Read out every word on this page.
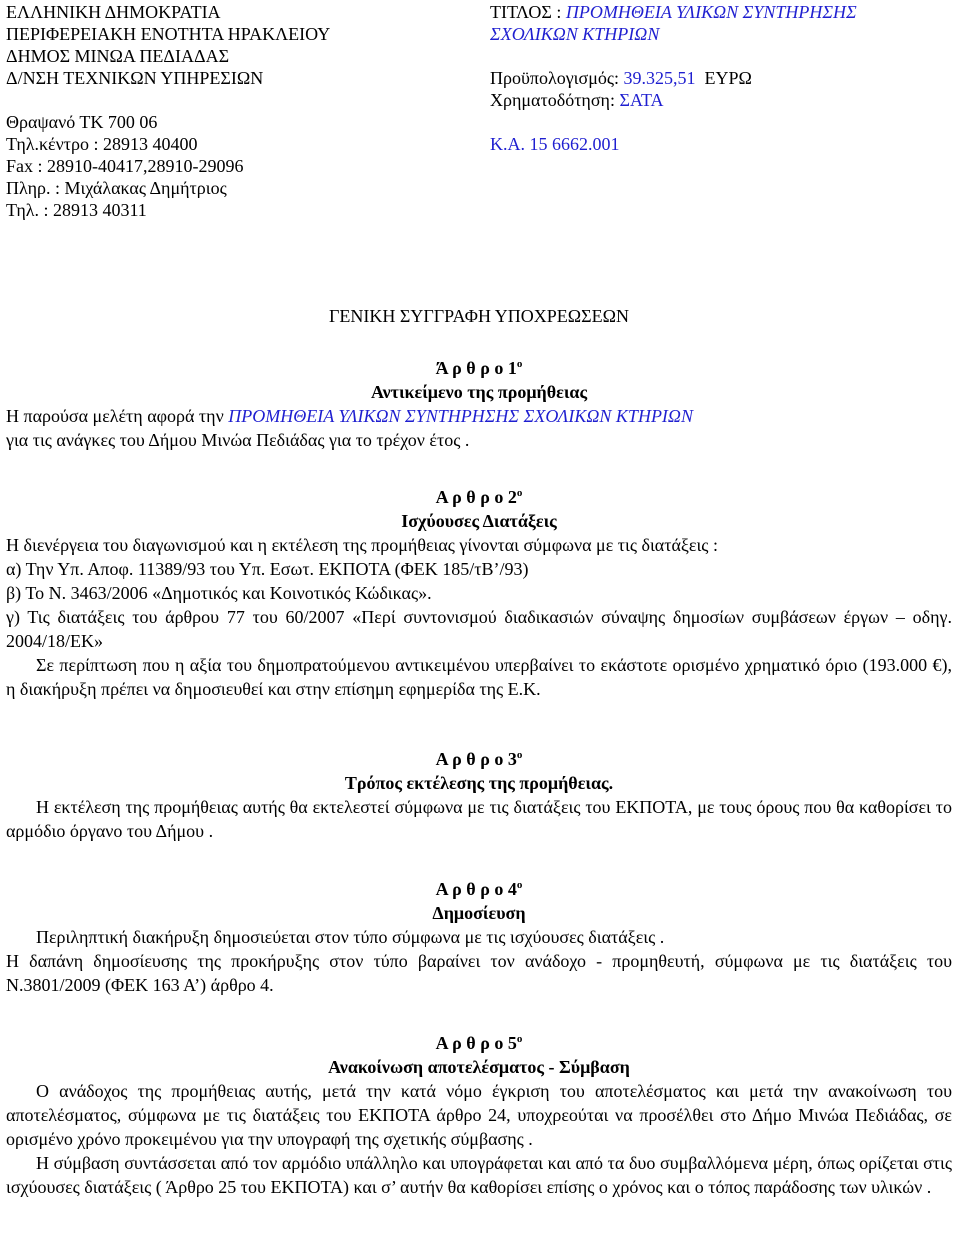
ΕΛΛΗΝΙΚΗ ΔΗΜΟΚΡΑΤΙΑ
ΠΕΡΙΦΕΡΕΙΑΚΗ ΕΝΟΤΗΤΑ ΗΡΑΚΛΕΙΟΥ
ΔΗΜΟΣ ΜΙΝΩΑ ΠΕΔΙΑΔΑΣ
Δ/ΝΣΗ ΤΕΧΝΙΚΩΝ ΥΠΗΡΕΣΙΩΝ
Θραψανό ΤΚ 700 06
Τηλ.κέντρο : 28913 40400
Fax : 28910-40417,28910-29096
Πληρ. : Μιχάλακας Δημήτριος
Τηλ. : 28913 40311
ΤΙΤΛΟΣ : ΠΡΟΜΗΘΕΙΑ ΥΛΙΚΩΝ ΣΥΝΤΗΡΗΣΗΣ
ΣΧΟΛΙΚΩΝ ΚΤΗΡΙΩΝ
Προϋπολογισμός: 39.325,51  ΕΥΡΩ
Χρηματοδότηση: ΣΑΤΑ
Κ.Α. 15 6662.001
ΓΕΝΙΚΗ ΣΥΓΓΡΑΦΗ ΥΠΟΧΡΕΩΣΕΩΝ
Ά ρ θ ρ ο $1^o$
Αντικείμενο της προμήθειας
Η παρούσα μελέτη αφορά την ΠΡΟΜΗΘΕΙΑ ΥΛΙΚΩΝ ΣΥΝΤΗΡΗΣΗΣ ΣΧΟΛΙΚΩΝ ΚΤΗΡΙΩΝ
για τις ανάγκες του Δήμου Μινώα Πεδιάδας για το τρέχον έτος .
Α ρ θ ρ ο $2^o$
Ισχύουσες Διατάξεις
Η διενέργεια του διαγωνισμού και η εκτέλεση της προμήθειας γίνονται σύμφωνα με τις διατάξεις :
α) Την Υπ. Αποφ. 11389/93 του Υπ. Εσωτ. ΕΚΠΟΤΑ (ΦΕΚ 185/τΒ’/93)
β) Το Ν. 3463/2006 «Δημοτικός και Κοινοτικός Κώδικας».

γ) Τις διατάξεις του άρθρου 77 του 60/2007 «Περί συντονισμού διαδικασιών σύναψης δημοσίων συμβάσεων έργων – οδηγ. 2004/18/ΕΚ»

Σε περίπτωση που η αξία του δημοπρατούμενου αντικειμένου υπερβαίνει το εκάστοτε ορισμένο χρηματικό όριο (193.000 €), η διακήρυξη πρέπει να δημοσιευθεί και στην επίσημη εφημερίδα της Ε.Κ.

Α ρ θ ρ ο $3^o$
Τρόπος εκτέλεσης της προμήθειας.

Η εκτέλεση της προμήθειας αυτής θα εκτελεστεί σύμφωνα με τις διατάξεις του ΕΚΠΟΤΑ, με τους όρους που θα καθορίσει το αρμόδιο όργανο του Δήμου .

Α ρ θ ρ ο $4^o$
Δημοσίευση

Περιληπτική διακήρυξη δημοσιεύεται στον τύπο σύμφωνα με τις ισχύουσες διατάξεις .

Η δαπάνη δημοσίευσης της προκήρυξης στον τύπο βαραίνει τον ανάδοχο - προμηθευτή, σύμφωνα με τις διατάξεις του Ν.3801/2009 (ΦΕΚ 163 Α’) άρθρο 4.

Α ρ θ ρ ο $5^o$
Ανακοίνωση αποτελέσματος - Σύμβαση

Ο ανάδοχος της προμήθειας αυτής, μετά την κατά νόμο έγκριση του αποτελέσματος και μετά την ανακοίνωση του αποτελέσματος, σύμφωνα με τις διατάξεις του ΕΚΠΟΤΑ άρθρο 24, υποχρεούται να προσέλθει στο Δήμο Μινώα Πεδιάδας, σε ορισμένο χρόνο προκειμένου για την υπογραφή της σχετικής σύμβασης .

Η σύμβαση συντάσσεται από τον αρμόδιο υπάλληλο και υπογράφεται και από τα δυο συμβαλλόμενα μέρη, όπως ορίζεται στις ισχύουσες διατάξεις ( Άρθρο 25 του ΕΚΠΟΤΑ) και σ’ αυτήν θα καθορίσει επίσης ο χρόνος και ο τόπος παράδοσης των υλικών .
